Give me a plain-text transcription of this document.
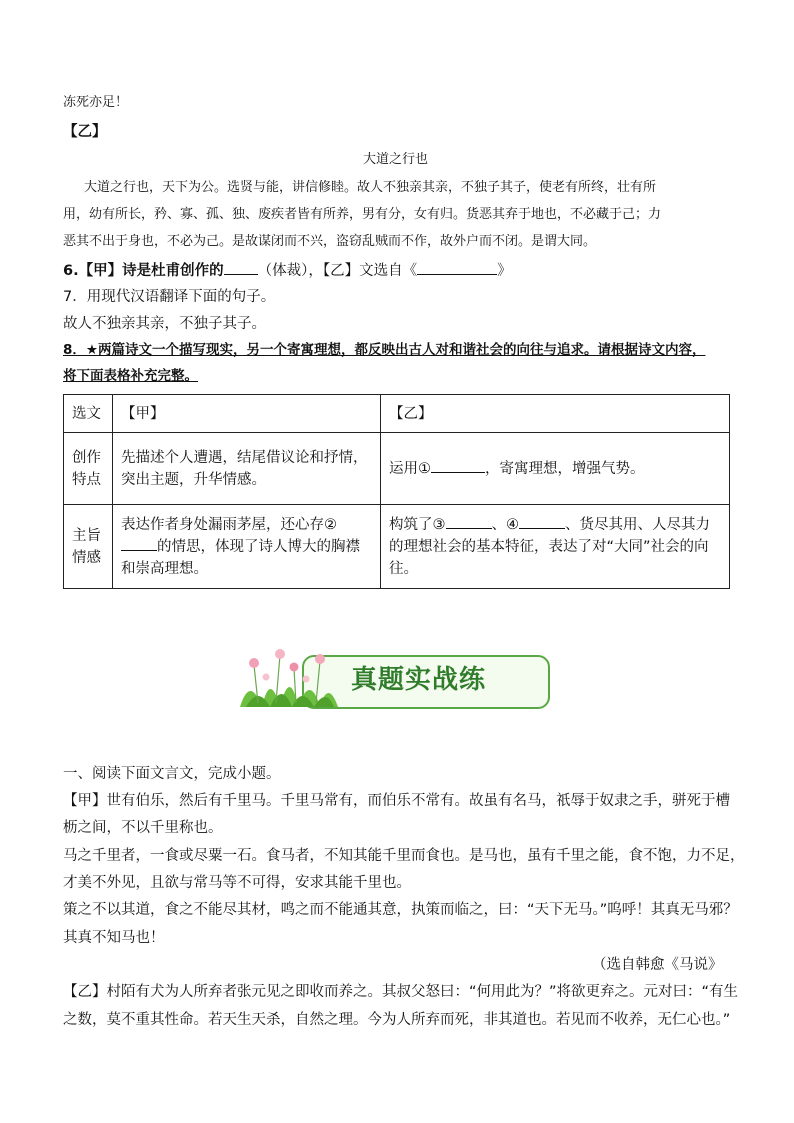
冻死亦足！
【乙】
大道之行也
大道之行也，天下为公。选贤与能，讲信修睦。故人不独亲其亲，不独子其子，使老有所终，壮有所
用，幼有所长，矜、寡、孤、独、废疾者皆有所养，男有分，女有归。货恶其弃于地也，不必藏于己；力
恶其不出于身也，不必为己。是故谋闭而不兴，盗窃乱贼而不作，故外户而不闭。是谓大同。
6.【甲】诗是杜甫创作的 （体裁），【乙】文选自《	》
7．用现代汉语翻译下面的句子。
故人不独亲其亲，不独子其子。
8．★两篇诗文一个描写现实，另一个寄寓理想，都反映出古人对和谐社会的向往与追求。请根据诗文内容，
将下面表格补充完整。
选文	【甲】	【乙】
创作特点	先描述个人遭遇，结尾借议论和抒情，突出主题，升华情感。	运用① ，寄寓理想，增强气势。
主旨情感	表达作者身处漏雨茅屋，还心存②的情思，体现了诗人博大的胸襟和崇高理想。	构筑了③ 、④ 、货尽其用、人尽其力的理想社会的基本特征，表达了对“大同”社会的向往。
真题实战练
一、阅读下面文言文，完成小题。
【甲】世有伯乐，然后有千里马。千里马常有，而伯乐不常有。故虽有名马，祇辱于奴隶之手，骈死于槽
枥之间，不以千里称也。
马之千里者，一食或尽粟一石。食马者，不知其能千里而食也。是马也，虽有千里之能，食不饱，力不足，
才美不外见，且欲与常马等不可得，安求其能千里也。
策之不以其道，食之不能尽其材，鸣之而不能通其意，执策而临之，曰：“天下无马。”呜呼！其真无马邪？
其真不知马也！
（选自韩愈《马说》
【乙】村陌有犬为人所弃者张元见之即收而养之。其叔父怒曰：“何用此为？”将欲更弃之。元对曰：“有生
之数，莫不重其性命。若天生天杀，自然之理。今为人所弃而死，非其道也。若见而不收养，无仁心也。”
